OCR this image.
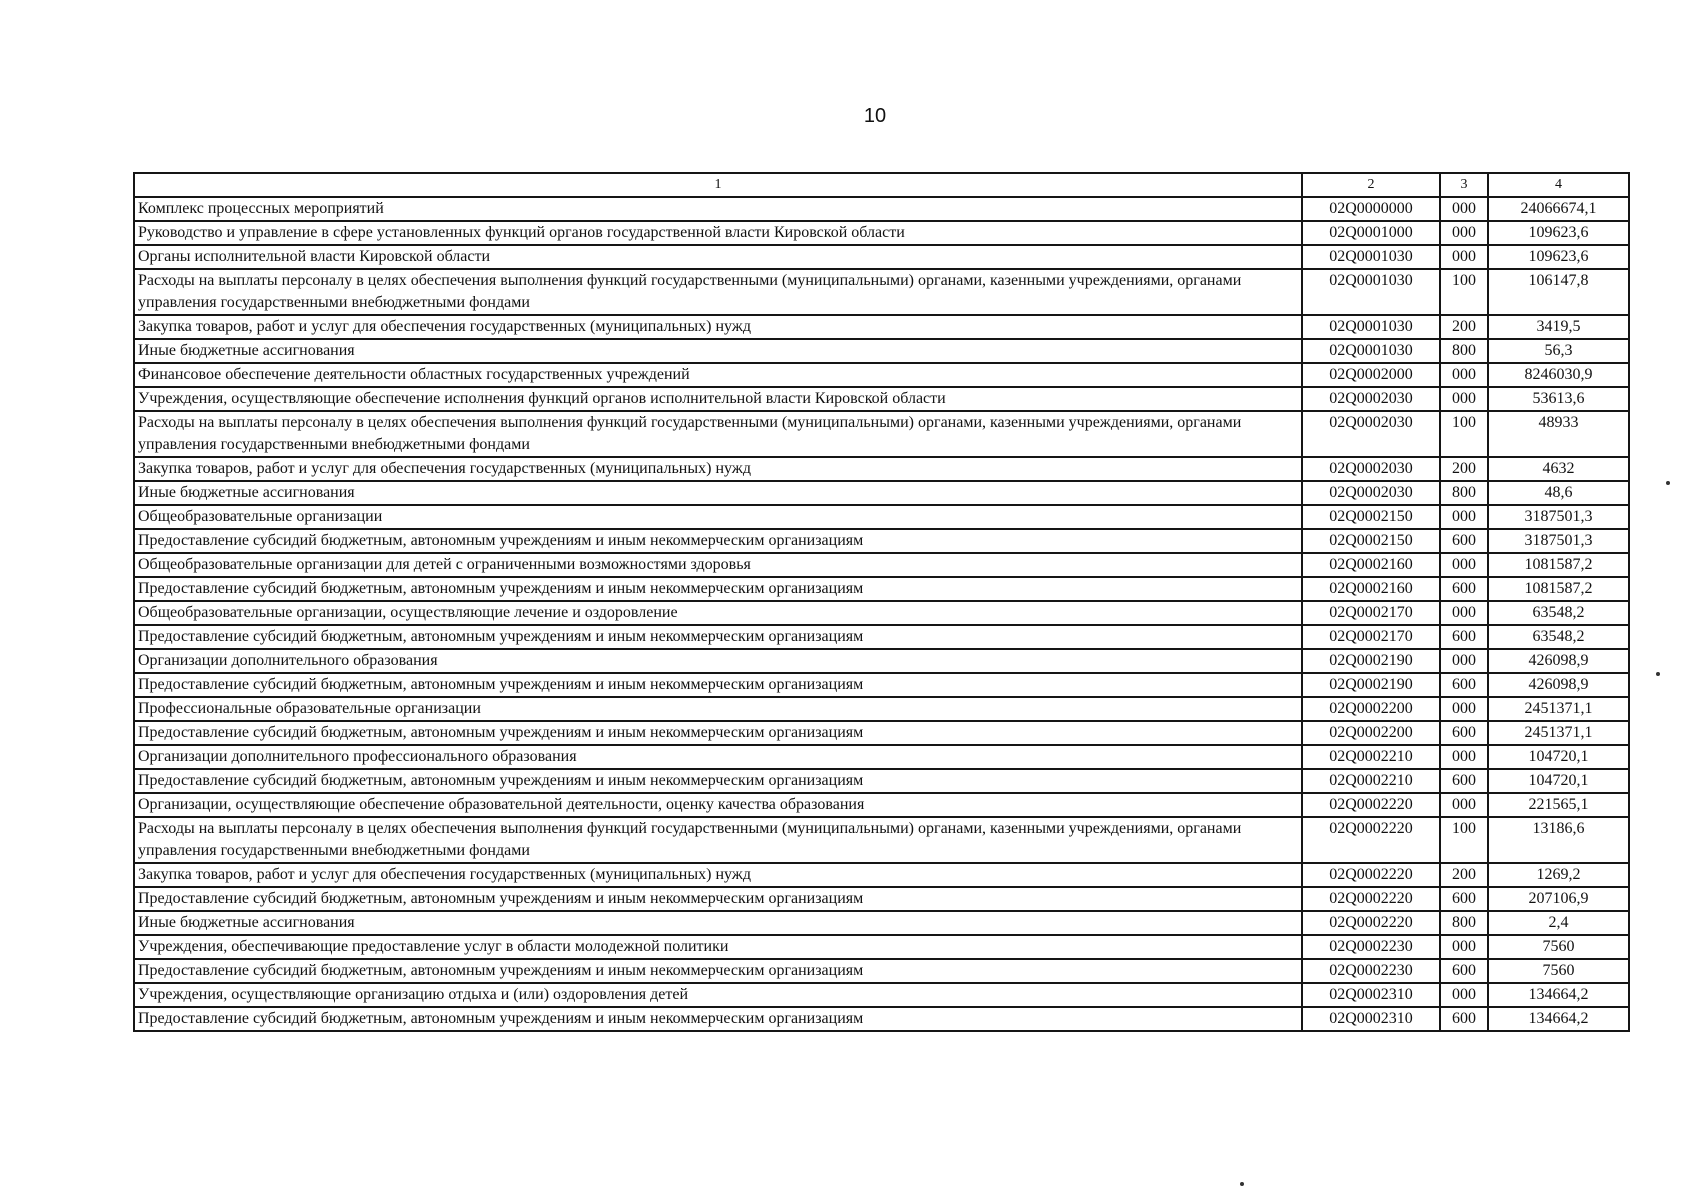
10
1	2	3	4
Комплекс процессных мероприятий	02Q0000000	000	24066674,1
Руководство и управление в сфере установленных функций органов государственной власти Кировской области	02Q0001000	000	109623,6
Органы исполнительной власти Кировской области	02Q0001030	000	109623,6
Расходы на выплаты персоналу в целях обеспечения выполнения функций государственными (муниципальными) органами, казенными учреждениями, органами управления государственными внебюджетными фондами	02Q0001030	100	106147,8
Закупка товаров, работ и услуг для обеспечения государственных (муниципальных) нужд	02Q0001030	200	3419,5
Иные бюджетные ассигнования	02Q0001030	800	56,3
Финансовое обеспечение деятельности областных государственных учреждений	02Q0002000	000	8246030,9
Учреждения, осуществляющие обеспечение исполнения функций органов исполнительной власти Кировской области	02Q0002030	000	53613,6
Расходы на выплаты персоналу в целях обеспечения выполнения функций государственными (муниципальными) органами, казенными учреждениями, органами управления государственными внебюджетными фондами	02Q0002030	100	48933
Закупка товаров, работ и услуг для обеспечения государственных (муниципальных) нужд	02Q0002030	200	4632
Иные бюджетные ассигнования	02Q0002030	800	48,6
Общеобразовательные организации	02Q0002150	000	3187501,3
Предоставление субсидий бюджетным, автономным учреждениям и иным некоммерческим организациям	02Q0002150	600	3187501,3
Общеобразовательные организации для детей с ограниченными возможностями здоровья	02Q0002160	000	1081587,2
Предоставление субсидий бюджетным, автономным учреждениям и иным некоммерческим организациям	02Q0002160	600	1081587,2
Общеобразовательные организации, осуществляющие лечение и оздоровление	02Q0002170	000	63548,2
Предоставление субсидий бюджетным, автономным учреждениям и иным некоммерческим организациям	02Q0002170	600	63548,2
Организации дополнительного образования	02Q0002190	000	426098,9
Предоставление субсидий бюджетным, автономным учреждениям и иным некоммерческим организациям	02Q0002190	600	426098,9
Профессиональные образовательные организации	02Q0002200	000	2451371,1
Предоставление субсидий бюджетным, автономным учреждениям и иным некоммерческим организациям	02Q0002200	600	2451371,1
Организации дополнительного профессионального образования	02Q0002210	000	104720,1
Предоставление субсидий бюджетным, автономным учреждениям и иным некоммерческим организациям	02Q0002210	600	104720,1
Организации, осуществляющие обеспечение образовательной деятельности, оценку качества образования	02Q0002220	000	221565,1
Расходы на выплаты персоналу в целях обеспечения выполнения функций государственными (муниципальными) органами, казенными учреждениями, органами управления государственными внебюджетными фондами	02Q0002220	100	13186,6
Закупка товаров, работ и услуг для обеспечения государственных (муниципальных) нужд	02Q0002220	200	1269,2
Предоставление субсидий бюджетным, автономным учреждениям и иным некоммерческим организациям	02Q0002220	600	207106,9
Иные бюджетные ассигнования	02Q0002220	800	2,4
Учреждения, обеспечивающие предоставление услуг в области молодежной политики	02Q0002230	000	7560
Предоставление субсидий бюджетным, автономным учреждениям и иным некоммерческим организациям	02Q0002230	600	7560
Учреждения, осуществляющие организацию отдыха и (или) оздоровления детей	02Q0002310	000	134664,2
Предоставление субсидий бюджетным, автономным учреждениям и иным некоммерческим организациям	02Q0002310	600	134664,2
